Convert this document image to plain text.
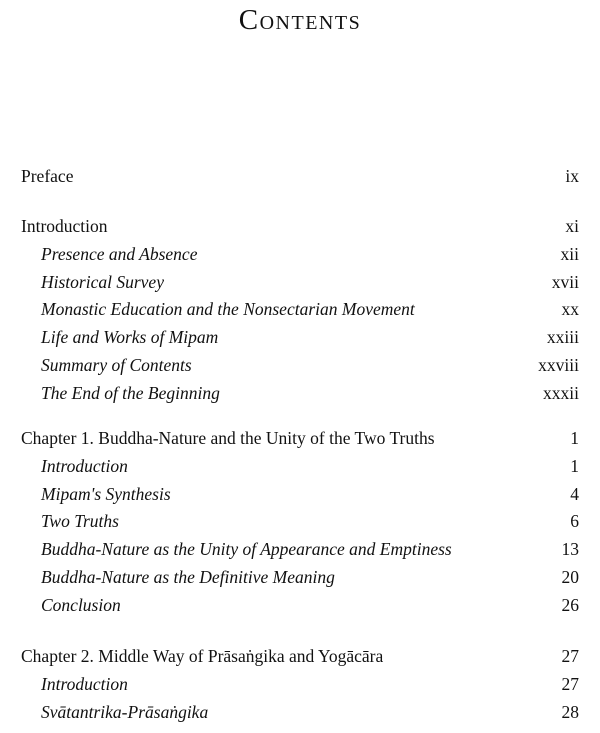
Contents
Preface	ix
Introduction	xi
Presence and Absence	xii
Historical Survey	xvii
Monastic Education and the Nonsectarian Movement	xx
Life and Works of Mipam	xxiii
Summary of Contents	xxviii
The End of the Beginning	xxxii
Chapter 1. Buddha-Nature and the Unity of the Two Truths	1
Introduction	1
Mipam's Synthesis	4
Two Truths	6
Buddha-Nature as the Unity of Appearance and Emptiness	13
Buddha-Nature as the Definitive Meaning	20
Conclusion	26
Chapter 2. Middle Way of Prāsaṅgika and Yogācāra	27
Introduction	27
Svātantrika-Prāsaṅgika	28
